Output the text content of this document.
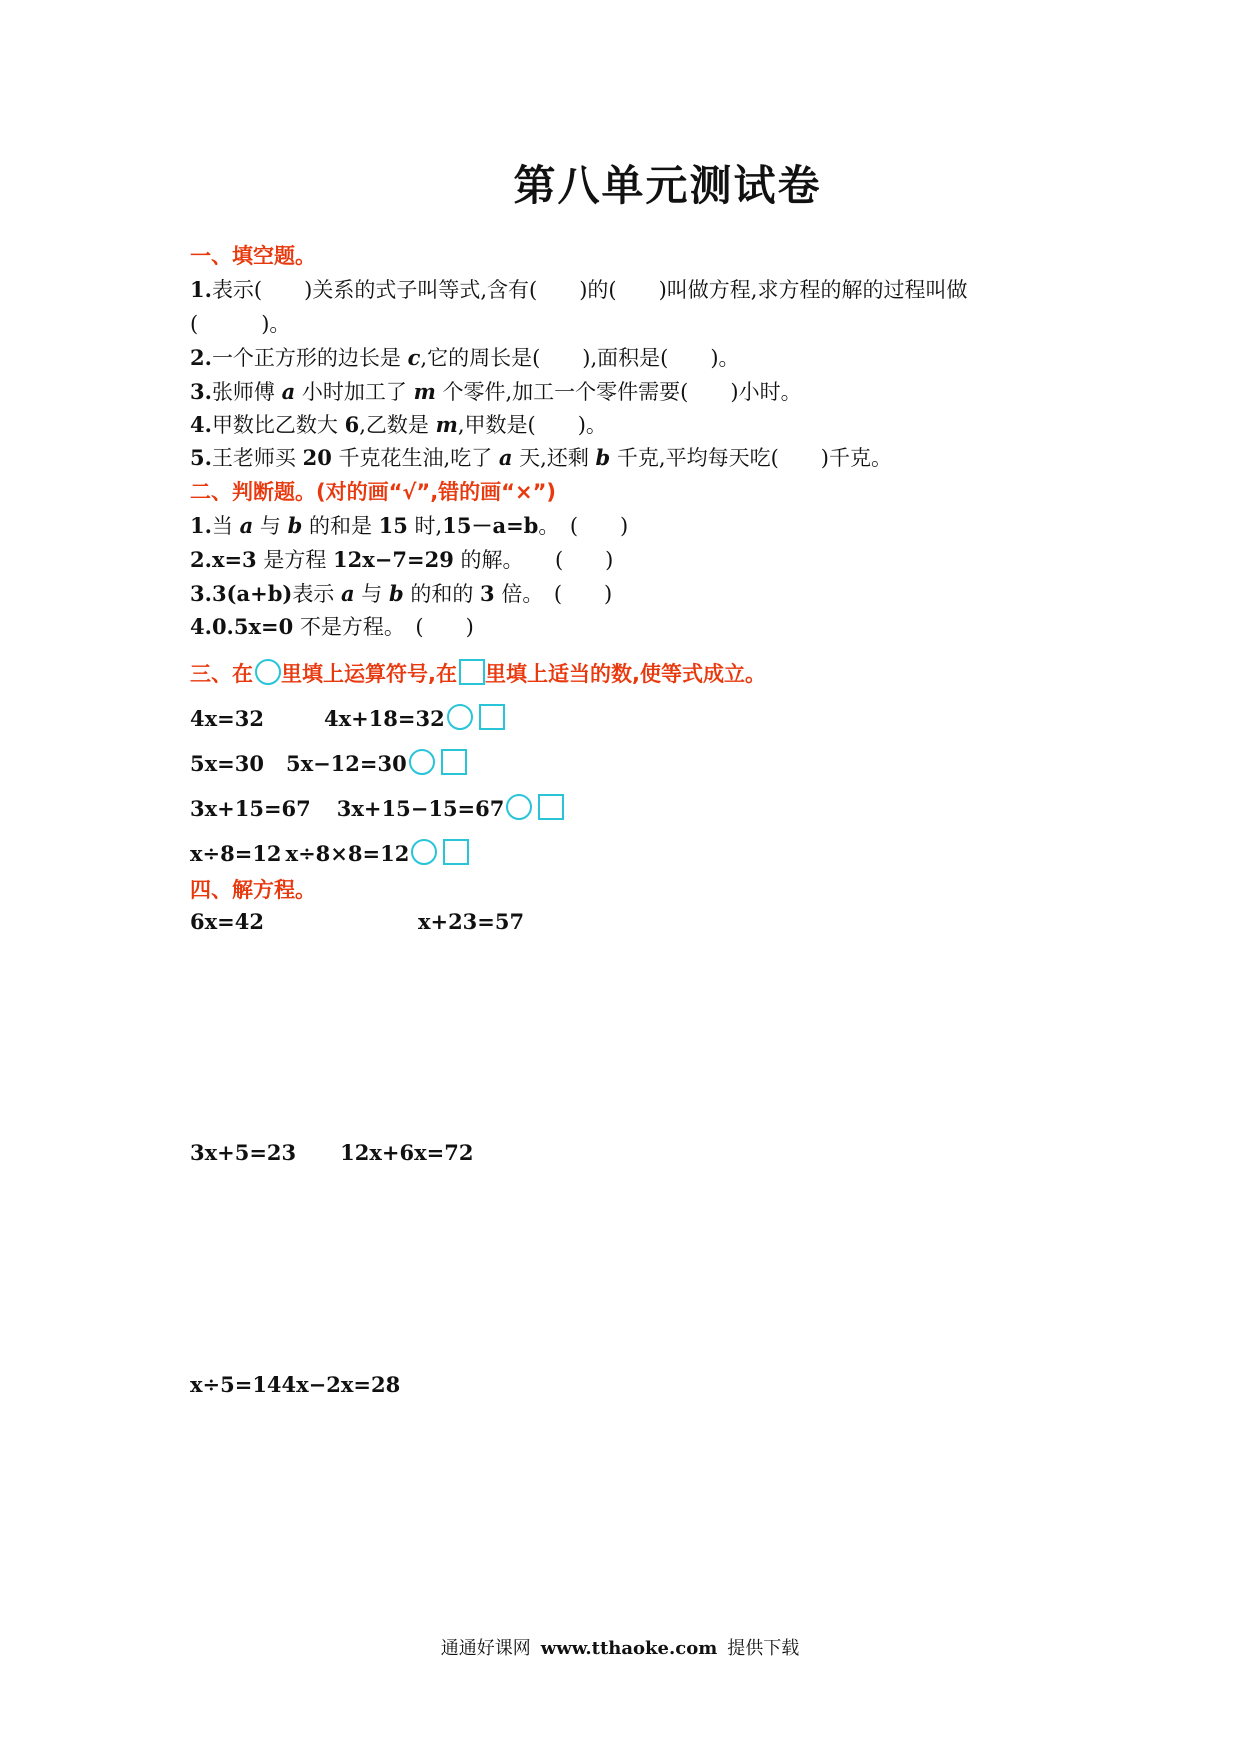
第八单元测试卷
一、填空题。
1.表示(　　)关系的式子叫等式,含有(　　)的(　　)叫做方程,求方程的解的过程叫做
(　　　)。
2.一个正方形的边长是 c,它的周长是(　　),面积是(　　)。
3.张师傅 a 小时加工了 m 个零件,加工一个零件需要(　　)小时。
4.甲数比乙数大 6,乙数是 m,甲数是(　　)。
5.王老师买 20 千克花生油,吃了 a 天,还剩 b 千克,平均每天吃(　　)千克。
二、判断题。(对的画“√”,错的画“×”)
1.当 a 与 b 的和是 15 时,15－a=b。　(　　)
2.x=3 是方程 12x−7=29 的解。　　(　　)
3.3(a+b)表示 a 与 b 的和的 3 倍。　(　　)
4.0.5x=0 不是方程。　(　　)
三、在 里填上运算符号,在 里填上适当的数,使等式成立。
4x=32	4x+18=32
5x=30 5x−12=30
3x+15=67 3x+15−15=67
x÷8=12 x÷8×8=12
四、解方程。
6x=42	x+23=57
3x+5=23 12x+6x=72
x÷5=144x−2x=28
通通好课网 www.tthaoke.com 提供下载
